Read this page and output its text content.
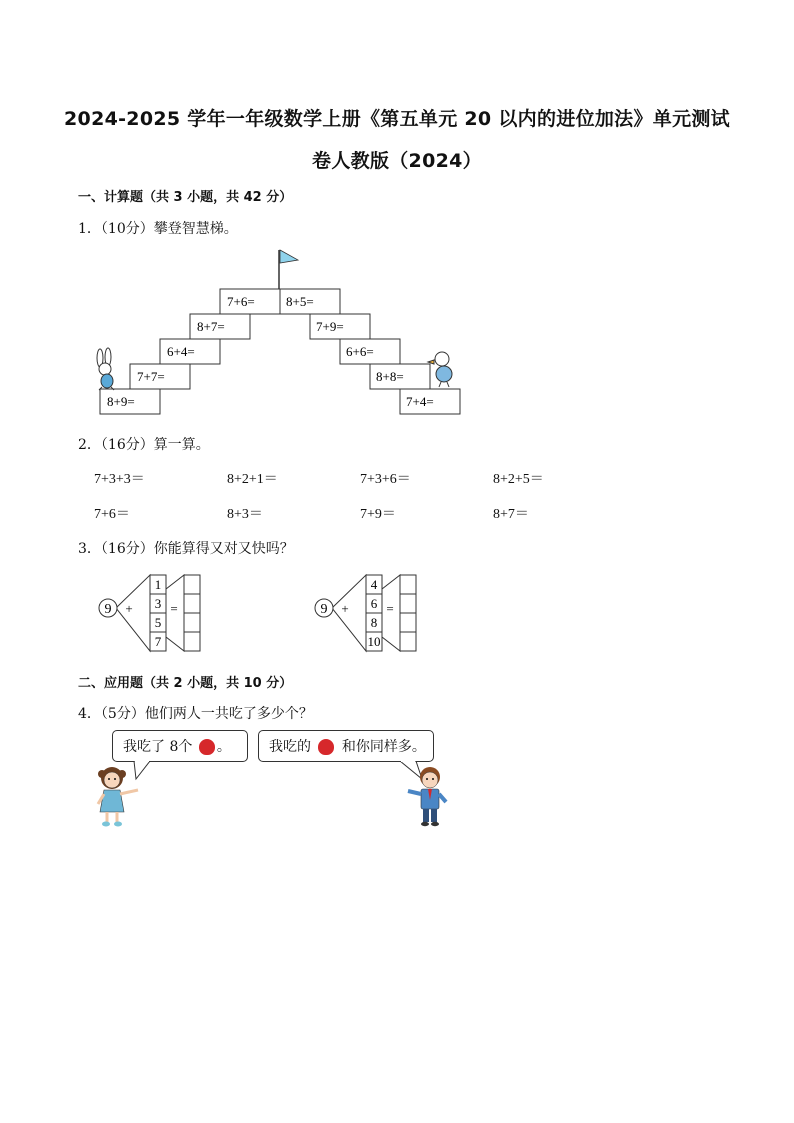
2024-2025 学年一年级数学上册《第五单元 20 以内的进位加法》单元测试
卷人教版（2024）
一、计算题（共 3 小题，共 42 分）
1．（10分）攀登智慧梯。
7+6=
8+7=
6+4=
7+7=
8+9=
8+5=
7+9=
6+6=
8+8=
7+4=
2．（16分）算一算。
7+3+3＝	8+2+1＝	7+3+6＝	8+2+5＝
7+6＝	8+3＝	7+9＝	8+7＝
3．（16分）你能算得又对又快吗？
9 +
1
3
5
7
=	9 +
4
6
8
10
=
二、应用题（共 2 小题，共 10 分）
4．（5分）他们两人一共吃了多少个？
我吃了 8个 。	我吃的 和你同样多。
